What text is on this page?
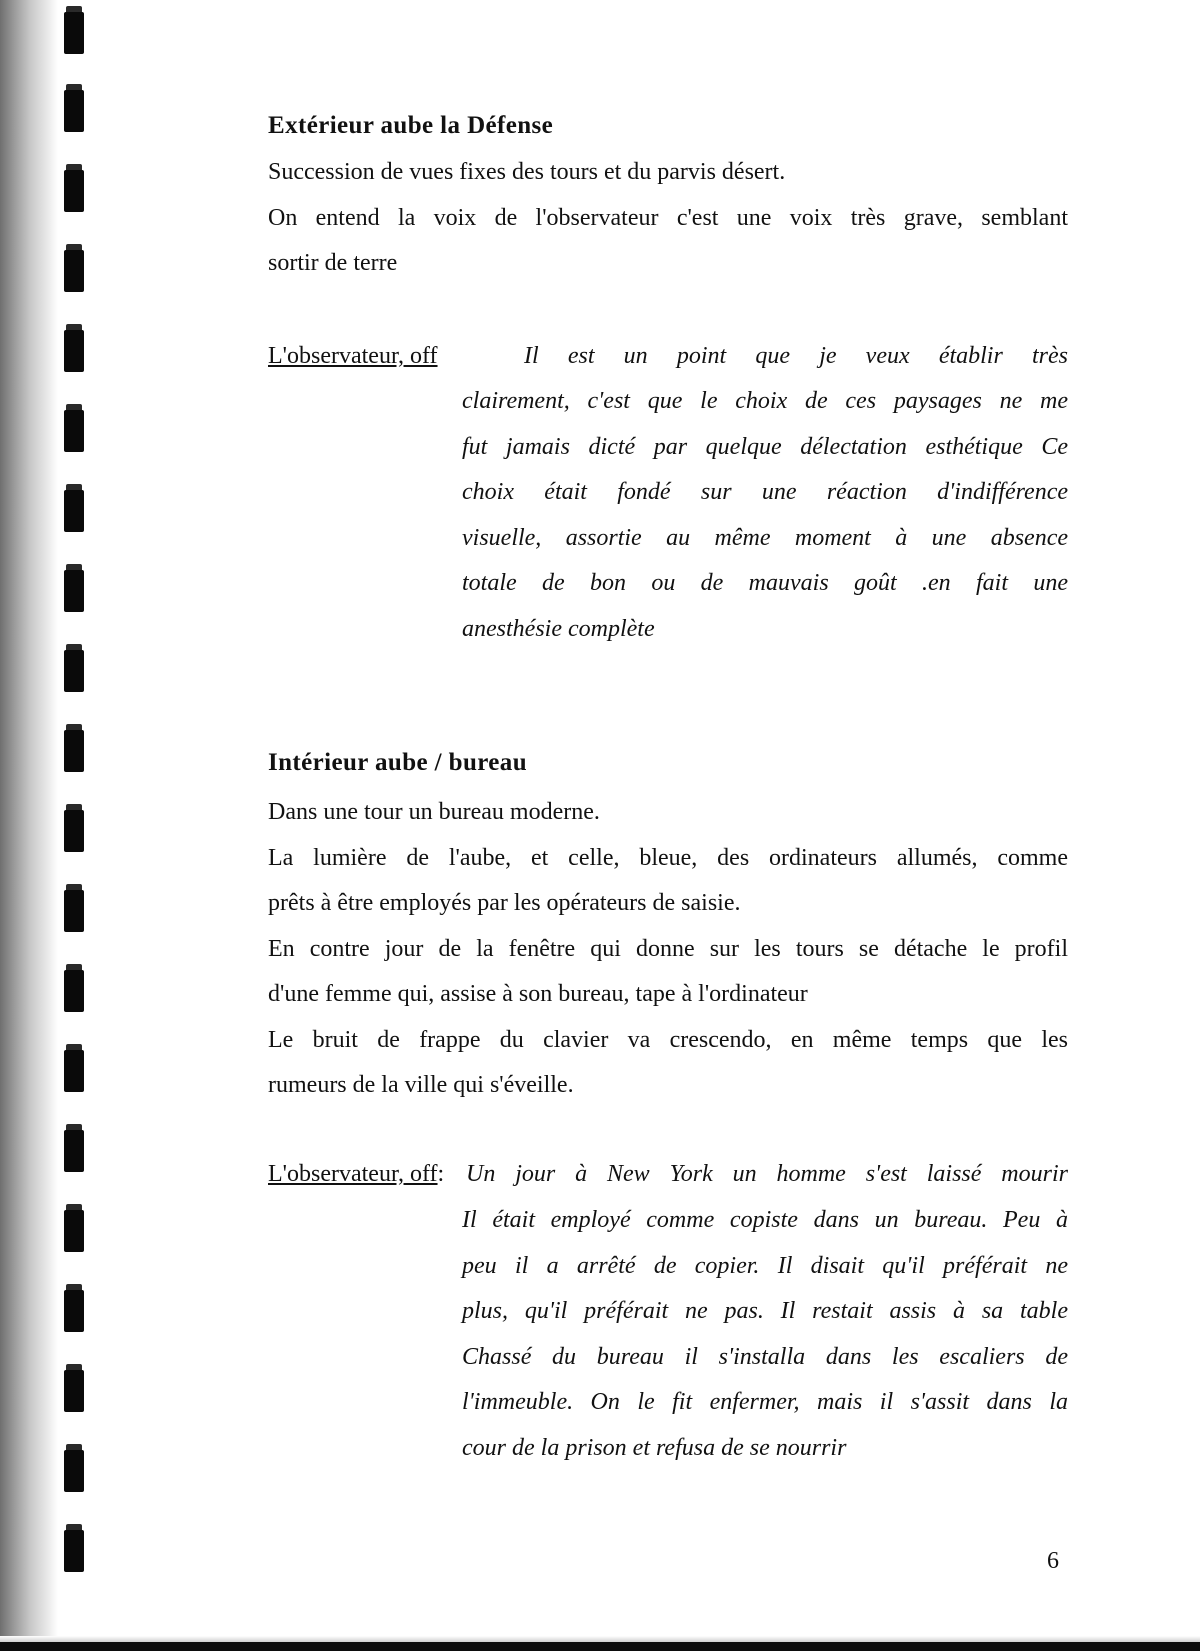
Extérieur aube la Défense

Succession de vues fixes des tours et du parvis désert.
On entend la voix de l'observateur c'est une voix très grave, semblant
sortir de terre

L'observateur, off	Il est un point que je veux établir très

clairement, c'est que le choix de ces paysages ne me
fut jamais dicté par quelque délectation esthétique Ce
choix était fondé sur une réaction d'indifférence
visuelle, assortie au même moment à une absence
totale de bon ou de mauvais goût .en fait une
anesthésie complète

Intérieur aube / bureau

Dans une tour un bureau moderne.
La lumière de l'aube, et celle, bleue, des ordinateurs allumés, comme
prêts à être employés par les opérateurs de saisie.
En contre jour de la fenêtre qui donne sur les tours se détache le profil
d'une femme qui, assise à son bureau, tape à l'ordinateur
Le bruit de frappe du clavier va crescendo, en même temps que les
rumeurs de la ville qui s'éveille.

L'observateur, off: Un jour à New York un homme s'est laissé mourir

Il était employé comme copiste dans un bureau. Peu à
peu il a arrêté de copier. Il disait qu'il préférait ne
plus, qu'il préférait ne pas. Il restait assis à sa table
Chassé du bureau il s'installa dans les escaliers de
l'immeuble. On le fit enfermer, mais il s'assit dans la
cour de la prison et refusa de se nourrir

6
